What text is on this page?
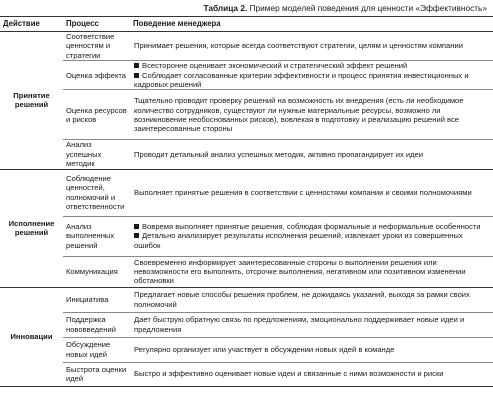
Таблица 2. Пример моделей поведения для ценности «Эффективность»
Действие	Процесс	Поведение менеджера
Принятие решений	Соответствие ценностям и стратегии	Принимает решения, которые всегда соответствуют стратегии, целям и ценностям компании

	Оценка эффекта	Всесторонне оценивает экономический и стратегический эффект решений
Соблюдает согласованные критерии эффективности и процесс принятия инвестиционных и кадровых решений

	Оценка ресурсов и рисков	Тщательно проводит проверку решений на возможность их внедрения (есть ли необходимое количество сотрудников, существуют ли нужные материальные ресурсы, возможно ли возникновение необоснованных рисков), вовлекая в подготовку и реализацию решений все заинтересованные стороны

	Анализ успешных методик	Проводит детальный анализ успешных методик, активно пропагандирует их идеи

Исполнение решений	Соблюдение ценностей, полномочий и ответственности	Выполняет принятые решения в соответствии с ценностями компании и своими полномочиями

	Анализ выполненных решений	Вовремя выполняет принятые решения, соблюдая формальные и неформальные особенности
Детально анализирует результаты исполнения решений, извлекает уроки из совершенных ошибок

	Коммуникация	Своевременно информирует заинтересованные стороны о выполнении решения или невозможности его выполнить, отсрочке выполнения, негативном или позитивном изменении обстановки

Инновации	Инициатива	Предлагает новые способы решения проблем, не дожидаясь указаний, выходя за рамки своих полномочий

	Поддержка нововведений	Дает быструю обратную связь по предложениям, эмоционально поддерживает новые идеи и предложения

	Обсуждение новых идей	Регулярно организует или участвует в обсуждении новых идей в команде

	Быстрота оценки идей	Быстро и эффективно оценивает новые идеи и связанные с ними возможности и риски
